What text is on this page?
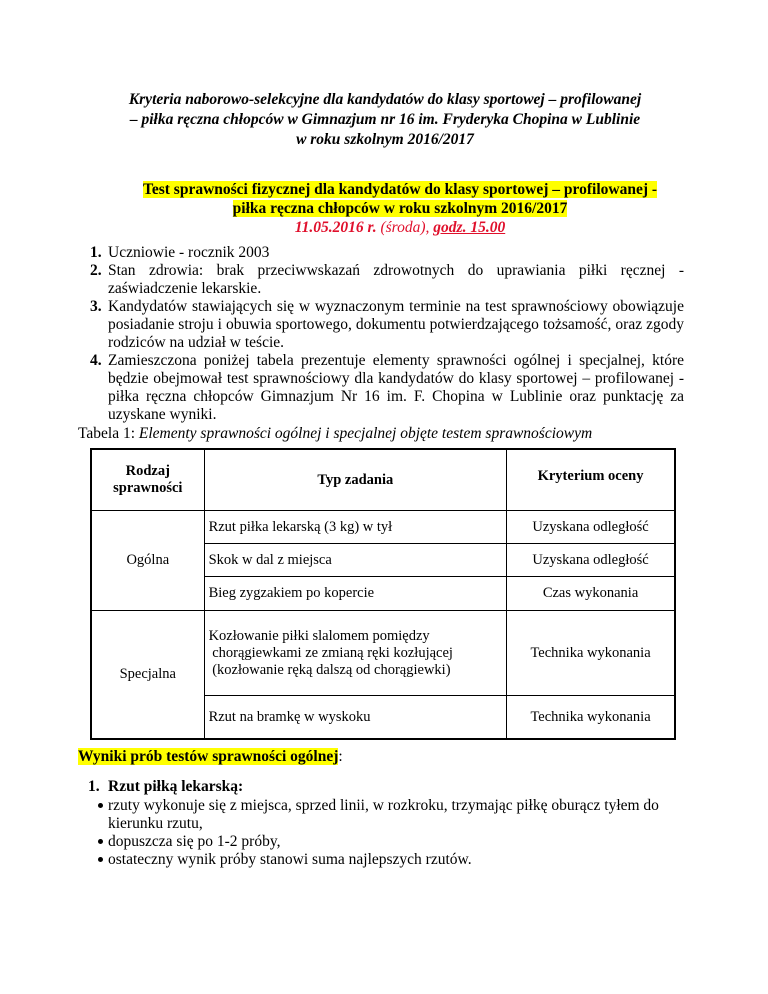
Kryteria naborowo-selekcyjne dla kandydatów do klasy sportowej – profilowanej
– piłka ręczna chłopców w Gimnazjum nr 16 im. Fryderyka Chopina w Lublinie
w roku szkolnym 2016/2017
Test sprawności fizycznej dla kandydatów do klasy sportowej – profilowanej -
piłka ręczna chłopców w roku szkolnym 2016/2017
11.05.2016 r. (środa), godz. 15.00
1. Uczniowie - rocznik 2003
2. Stan zdrowia: brak przeciwwskazań zdrowotnych do uprawiania piłki ręcznej - zaświadczenie lekarskie.
3. Kandydatów stawiających się w wyznaczonym terminie na test sprawnościowy obowiązuje posiadanie stroju i obuwia sportowego, dokumentu potwierdzającego tożsamość, oraz zgody rodziców na udział w teście.
4. Zamieszczona poniżej tabela prezentuje elementy sprawności ogólnej i specjalnej, które będzie obejmował test sprawnościowy dla kandydatów do klasy sportowej – profilowanej - piłka ręczna chłopców Gimnazjum Nr 16 im. F. Chopina w Lublinie oraz punktację za uzyskane wyniki.
Tabela 1: Elementy sprawności ogólnej i specjalnej objęte testem sprawnościowym
Rodzaj sprawności	Typ zadania	Kryterium oceny
Ogólna	Rzut piłka lekarską (3 kg) w tył	Uzyskana odległość
	Skok w dal z miejsca	Uzyskana odległość
	Bieg zygzakiem po kopercie	Czas wykonania
Specjalna	Kozłowanie piłki slalomem pomiędzy
chorągiewkami ze zmianą ręki kozłującej
(kozłowanie ręką dalszą od chorągiewki)	Technika wykonania
	Rzut na bramkę w wyskoku	Technika wykonania
Wyniki prób testów sprawności ogólnej:
1. Rzut piłką lekarską:
rzuty wykonuje się z miejsca, sprzed linii, w rozkroku, trzymając piłkę oburącz tyłem do kierunku rzutu,
dopuszcza się po 1-2 próby,
ostateczny wynik próby stanowi suma najlepszych rzutów.
